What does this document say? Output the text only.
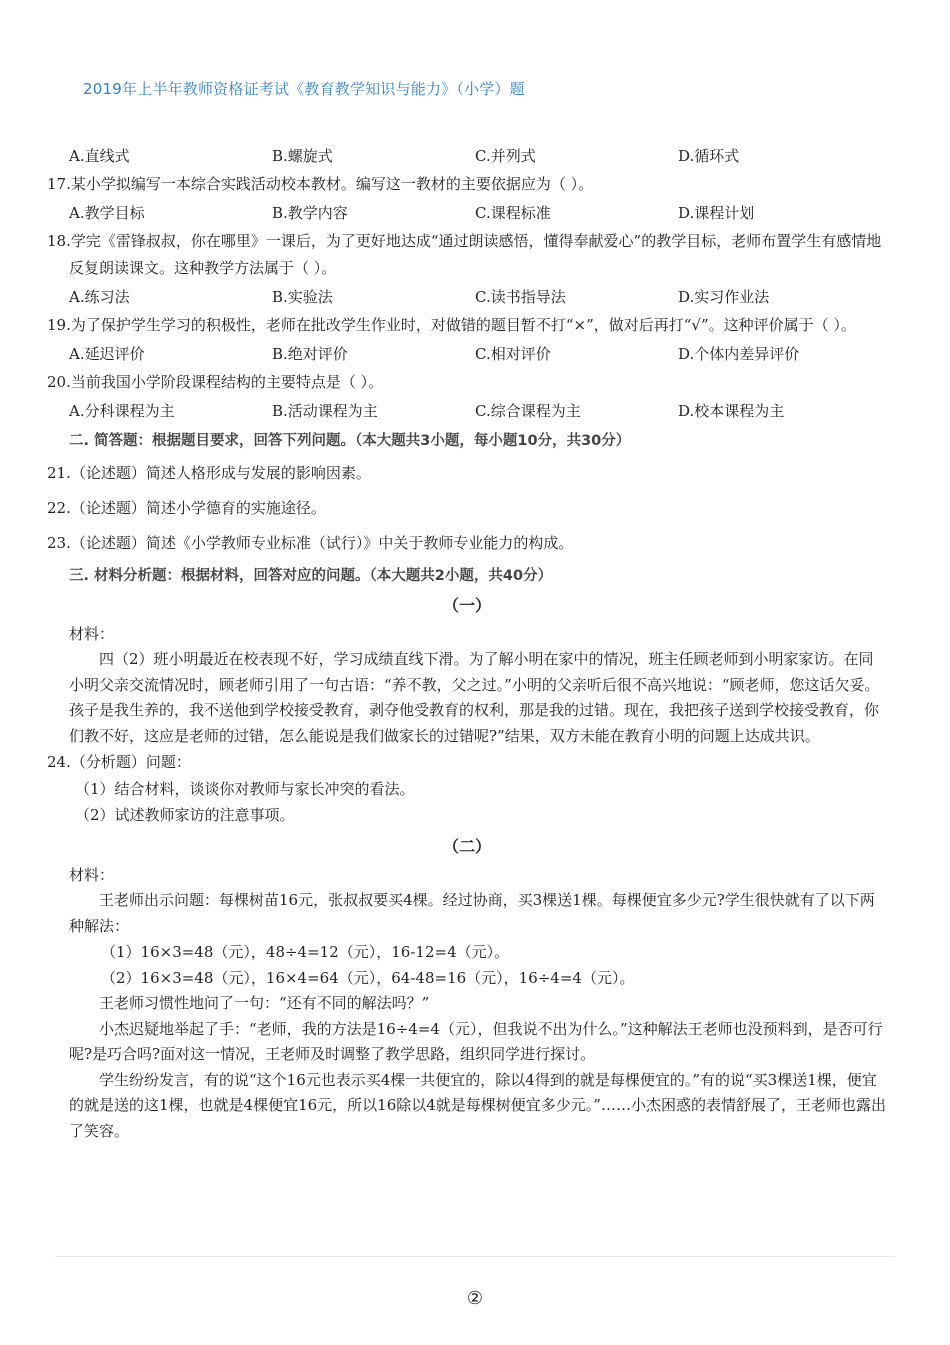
2019年上半年教师资格证考试《教育教学知识与能力》（小学）题
A.直线式	B.螺旋式	C.并列式	D.循环式

17.某小学拟编写一本综合实践活动校本教材。编写这一教材的主要依据应为（ ）。

A.教学目标	B.教学内容	C.课程标准	D.课程计划

18.学完《雷锋叔叔，你在哪里》一课后，为了更好地达成“通过朗读感悟，懂得奉献爱心”的教学目标，老师布置学生有感情地反复朗读课文。这种教学方法属于（ ）。

A.练习法	B.实验法	C.读书指导法	D.实习作业法

19.为了保护学生学习的积极性，老师在批改学生作业时，对做错的题目暂不打“×”，做对后再打“√”。这种评价属于（ ）。

A.延迟评价	B.绝对评价	C.相对评价	D.个体内差异评价

20.当前我国小学阶段课程结构的主要特点是（ ）。

A.分科课程为主	B.活动课程为主	C.综合课程为主	D.校本课程为主
二. 简答题：根据题目要求，回答下列问题。（本大题共3小题，每小题10分，共30分）
21.（论述题）简述人格形成与发展的影响因素。
22.（论述题）简述小学德育的实施途径。
23.（论述题）简述《小学教师专业标准（试行）》中关于教师专业能力的构成。
三. 材料分析题：根据材料，回答对应的问题。（本大题共2小题，共40分）
（一）
材料：
四（2）班小明最近在校表现不好，学习成绩直线下滑。为了解小明在家中的情况，班主任顾老师到小明家家访。在同小明父亲交流情况时，顾老师引用了一句古语：“养不教，父之过。”小明的父亲听后很不高兴地说：“顾老师，您这话欠妥。孩子是我生养的，我不送他到学校接受教育，剥夺他受教育的权利，那是我的过错。现在，我把孩子送到学校接受教育，你们教不好，这应是老师的过错，怎么能说是我们做家长的过错呢?”结果，双方未能在教育小明的问题上达成共识。
24.（分析题）问题：
（1）结合材料，谈谈你对教师与家长冲突的看法。
（2）试述教师家访的注意事项。
（二）
材料：
王老师出示问题：每棵树苗16元，张叔叔要买4棵。经过协商，买3棵送1棵。每棵便宜多少元?学生很快就有了以下两种解法：
（1）16×3=48（元），48÷4=12（元），16-12=4（元）。
（2）16×3=48（元），16×4=64（元），64-48=16（元），16÷4=4（元）。
王老师习惯性地问了一句：“还有不同的解法吗？”
小杰迟疑地举起了手：“老师，我的方法是16÷4=4（元），但我说不出为什么。”这种解法王老师也没预料到，是否可行呢?是巧合吗?面对这一情况，王老师及时调整了教学思路，组织同学进行探讨。
学生纷纷发言，有的说“这个16元也表示买4棵一共便宜的，除以4得到的就是每棵便宜的。”有的说“买3棵送1棵，便宜的就是送的这1棵，也就是4棵便宜16元，所以16除以4就是每棵树便宜多少元。”……小杰困惑的表情舒展了，王老师也露出了笑容。
②
